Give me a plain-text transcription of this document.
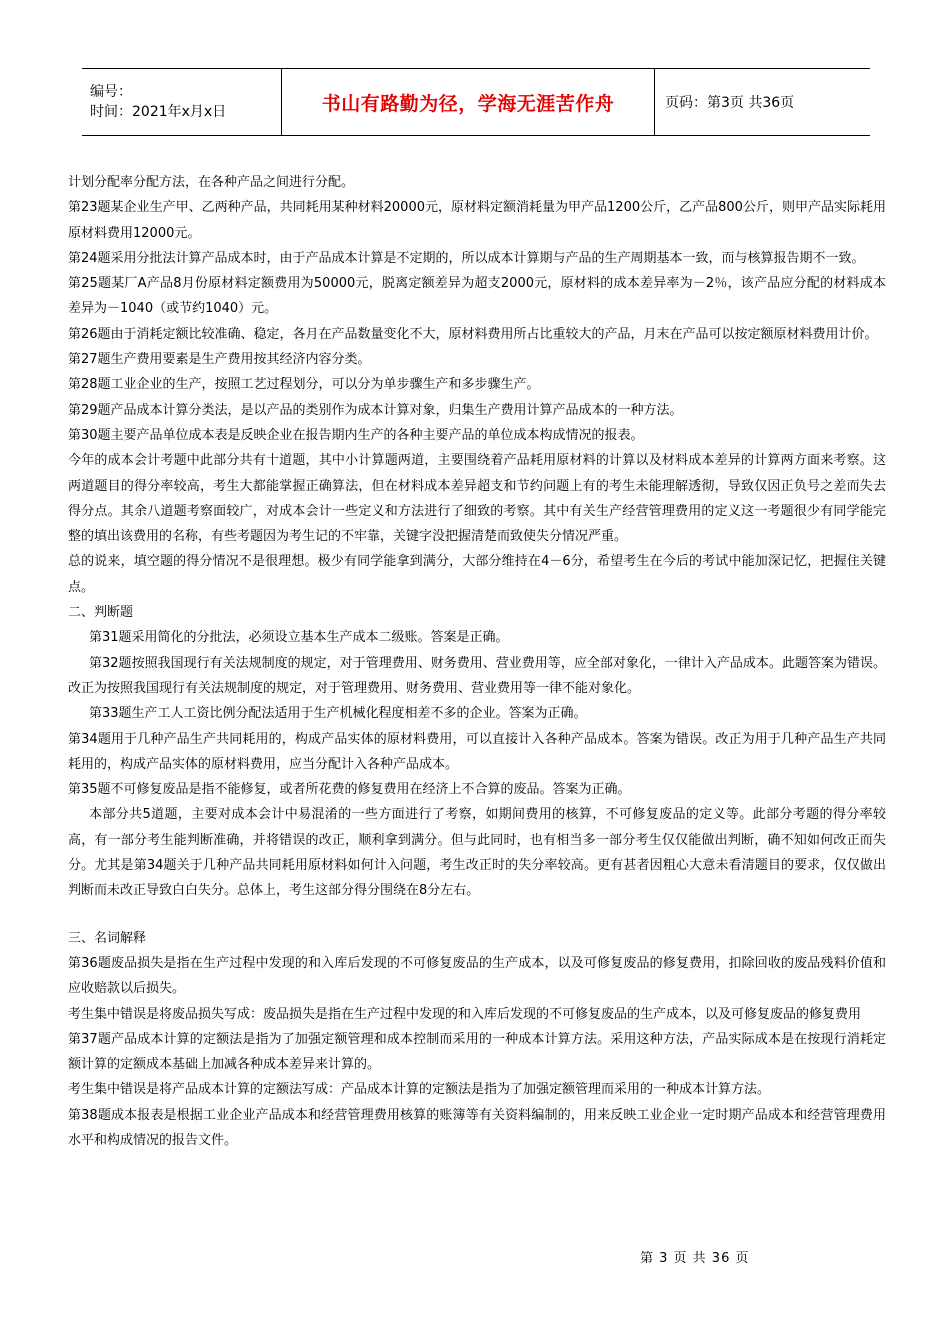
编号：
时间：2021年x月x日	书山有路勤为径，学海无涯苦作舟	页码：第3页 共36页

计划分配率分配方法，在各种产品之间进行分配。

第23题某企业生产甲、乙两种产品，共同耗用某种材料20000元，原材料定额消耗量为甲产品1200公斤，乙产品800公斤，则甲产品实际耗用原材料费用12000元。

第24题采用分批法计算产品成本时，由于产品成本计算是不定期的，所以成本计算期与产品的生产周期基本一致，而与核算报告期不一致。

第25题某厂A产品8月份原材料定额费用为50000元，脱离定额差异为超支2000元，原材料的成本差异率为－2％，该产品应分配的材料成本差异为－1040（或节约1040）元。

第26题由于消耗定额比较准确、稳定，各月在产品数量变化不大，原材料费用所占比重较大的产品，月末在产品可以按定额原材料费用计价。

第27题生产费用要素是生产费用按其经济内容分类。

第28题工业企业的生产，按照工艺过程划分，可以分为单步骤生产和多步骤生产。

第29题产品成本计算分类法，是以产品的类别作为成本计算对象，归集生产费用计算产品成本的一种方法。

第30题主要产品单位成本表是反映企业在报告期内生产的各种主要产品的单位成本构成情况的报表。

今年的成本会计考题中此部分共有十道题，其中小计算题两道，主要围绕着产品耗用原材料的计算以及材料成本差异的计算两方面来考察。这两道题目的得分率较高，考生大都能掌握正确算法，但在材料成本差异超支和节约问题上有的考生未能理解透彻，导致仅因正负号之差而失去得分点。其余八道题考察面较广，对成本会计一些定义和方法进行了细致的考察。其中有关生产经营管理费用的定义这一考题很少有同学能完整的填出该费用的名称，有些考题因为考生记的不牢靠，关键字没把握清楚而致使失分情况严重。

总的说来，填空题的得分情况不是很理想。极少有同学能拿到满分，大部分维持在4－6分，希望考生在今后的考试中能加深记忆，把握住关键点。

二、判断题

第31题采用简化的分批法，必须设立基本生产成本二级账。答案是正确。

第32题按照我国现行有关法规制度的规定，对于管理费用、财务费用、营业费用等，应全部对象化，一律计入产品成本。此题答案为错误。改正为按照我国现行有关法规制度的规定，对于管理费用、财务费用、营业费用等一律不能对象化。

第33题生产工人工资比例分配法适用于生产机械化程度相差不多的企业。答案为正确。

第34题用于几种产品生产共同耗用的，构成产品实体的原材料费用，可以直接计入各种产品成本。答案为错误。改正为用于几种产品生产共同耗用的，构成产品实体的原材料费用，应当分配计入各种产品成本。

第35题不可修复废品是指不能修复，或者所花费的修复费用在经济上不合算的废品。答案为正确。

本部分共5道题，主要对成本会计中易混淆的一些方面进行了考察，如期间费用的核算，不可修复废品的定义等。此部分考题的得分率较高，有一部分考生能判断准确，并将错误的改正，顺利拿到满分。但与此同时，也有相当多一部分考生仅仅能做出判断，确不知如何改正而失分。尤其是第34题关于几种产品共同耗用原材料如何计入问题，考生改正时的失分率较高。更有甚者因粗心大意未看清题目的要求，仅仅做出判断而未改正导致白白失分。总体上，考生这部分得分围绕在8分左右。

三、名词解释

第36题废品损失是指在生产过程中发现的和入库后发现的不可修复废品的生产成本，以及可修复废品的修复费用，扣除回收的废品残料价值和应收赔款以后损失。

考生集中错误是将废品损失写成：废品损失是指在生产过程中发现的和入库后发现的不可修复废品的生产成本，以及可修复废品的修复费用

第37题产品成本计算的定额法是指为了加强定额管理和成本控制而采用的一种成本计算方法。采用这种方法，产品实际成本是在按现行消耗定额计算的定额成本基础上加减各种成本差异来计算的。

考生集中错误是将产品成本计算的定额法写成：产品成本计算的定额法是指为了加强定额管理而采用的一种成本计算方法。

第38题成本报表是根据工业企业产品成本和经营管理费用核算的账簿等有关资料编制的，用来反映工业企业一定时期产品成本和经营管理费用水平和构成情况的报告文件。

第 3 页 共 36 页
